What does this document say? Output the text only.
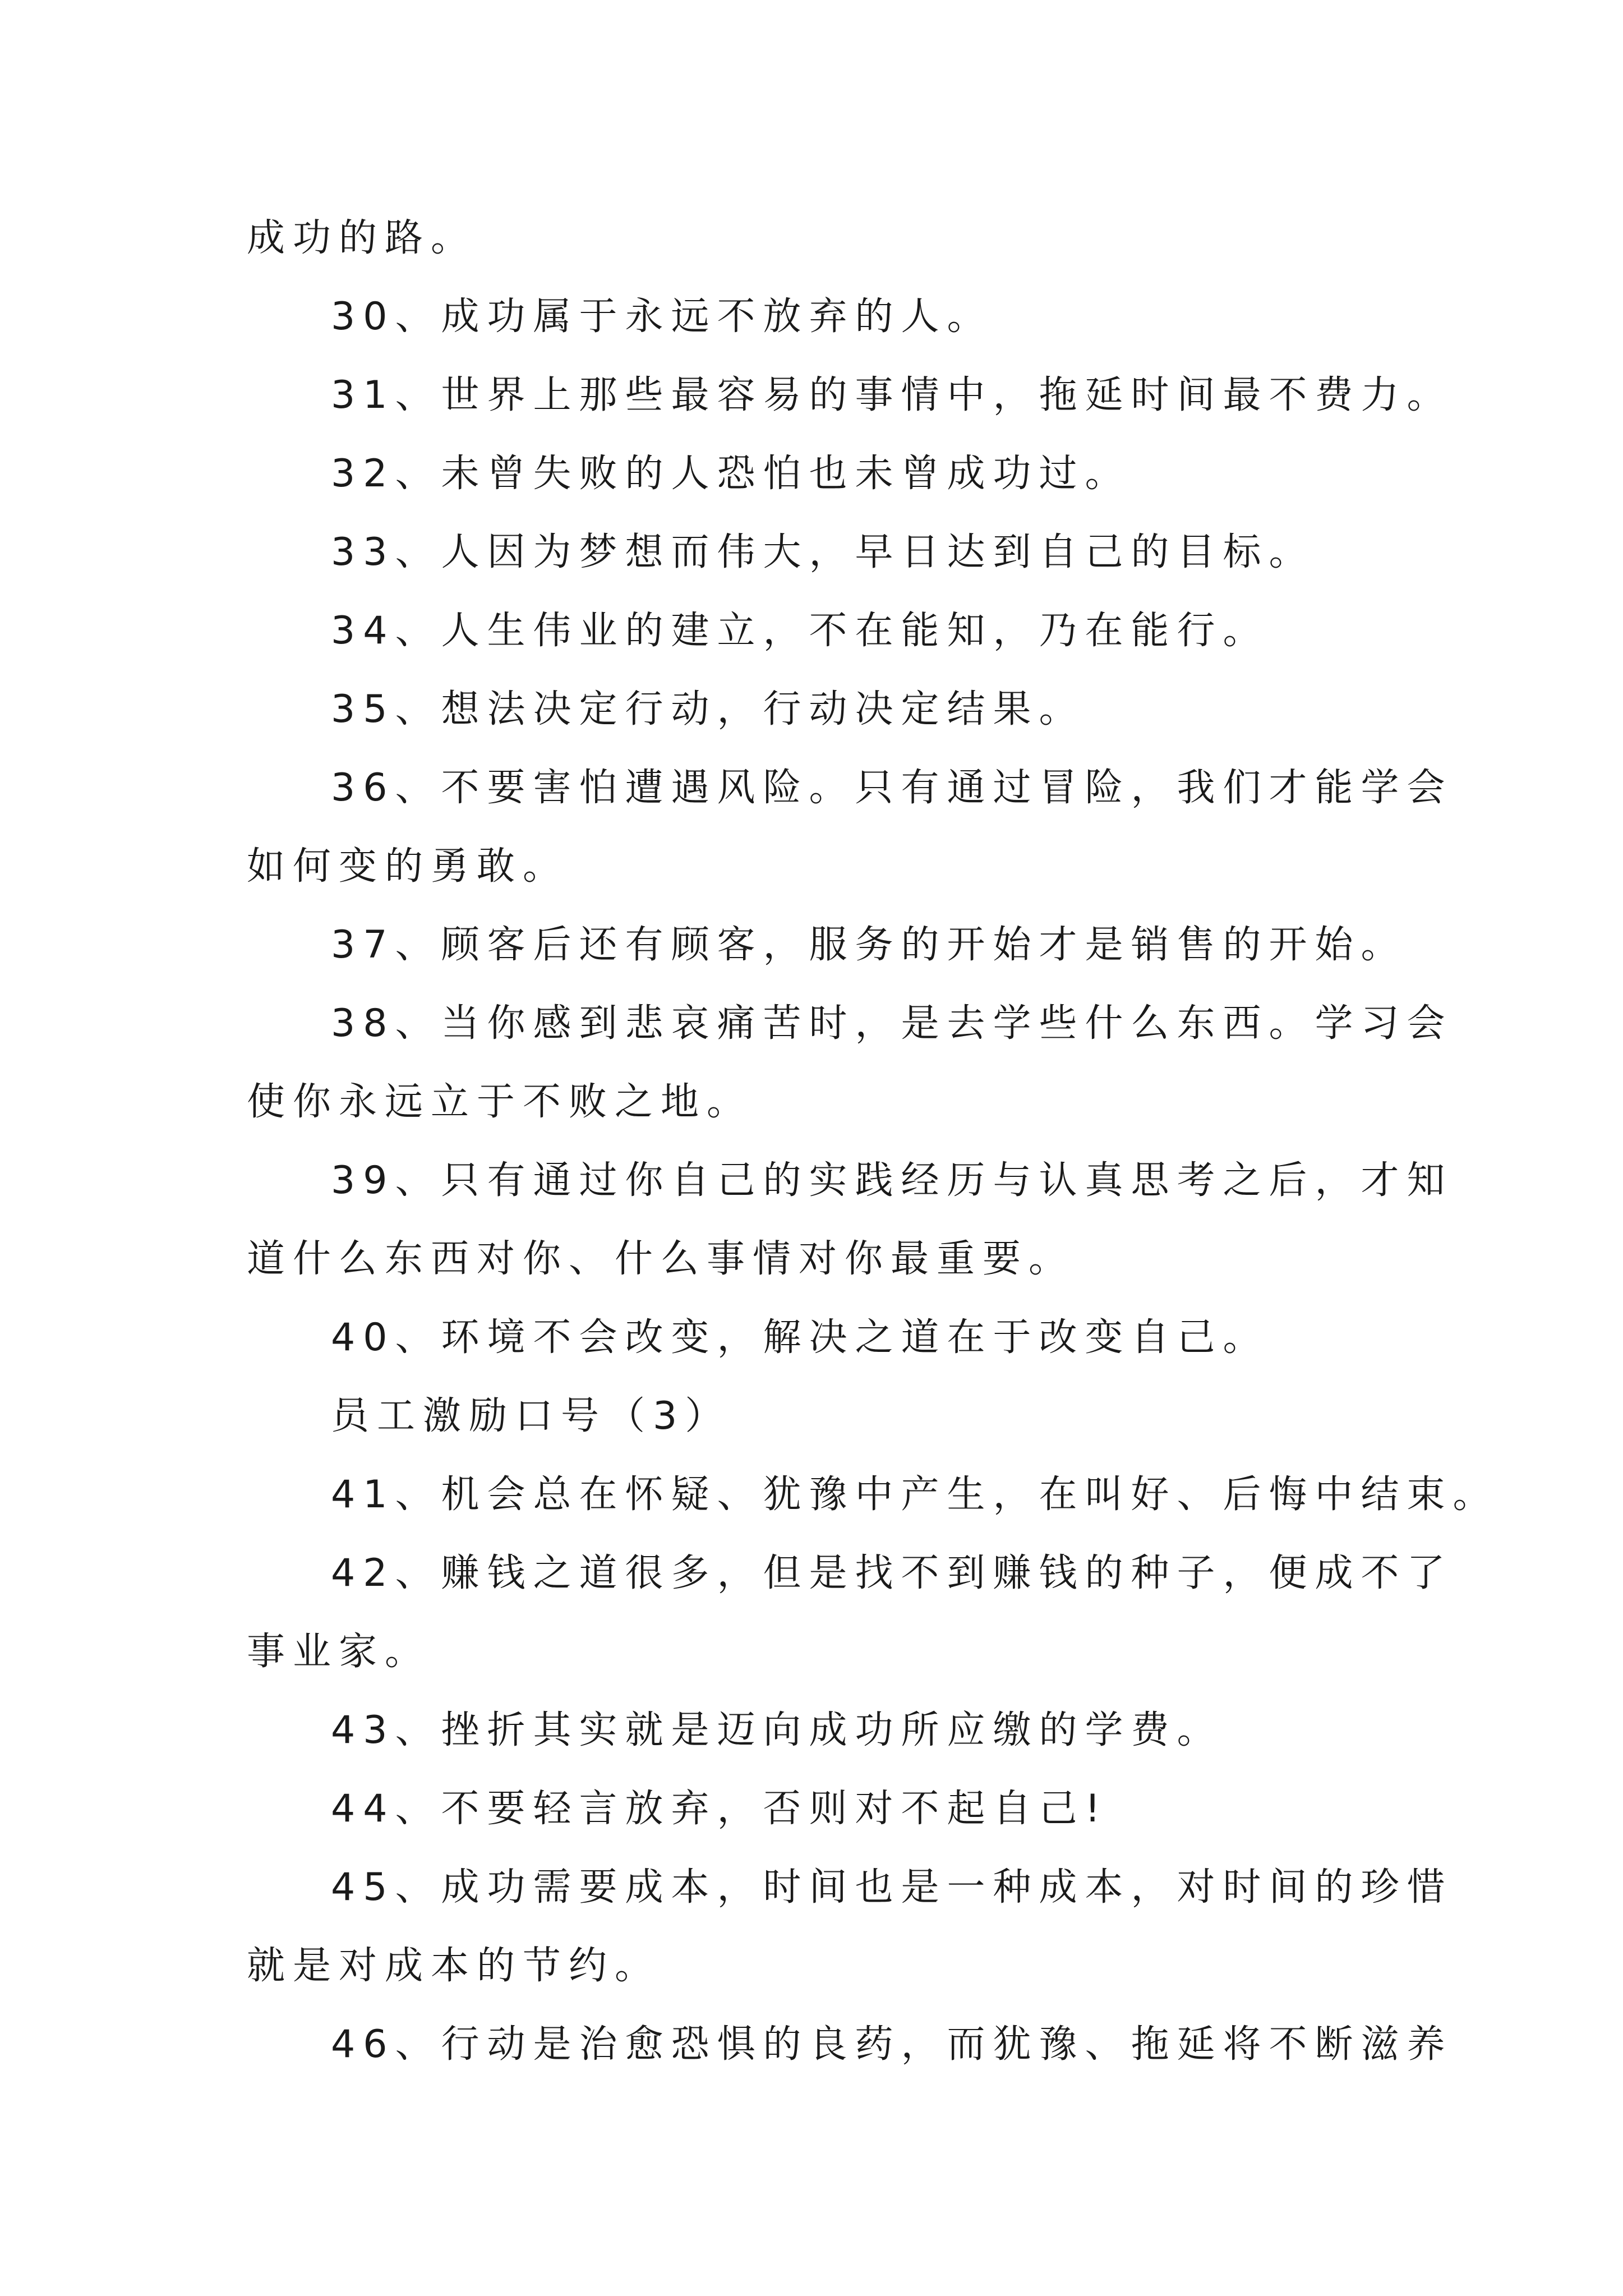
成功的路。
30、成功属于永远不放弃的人。
31、世界上那些最容易的事情中，拖延时间最不费力。
32、未曾失败的人恐怕也未曾成功过。
33、人因为梦想而伟大，早日达到自己的目标。
34、人生伟业的建立，不在能知，乃在能行。
35、想法决定行动，行动决定结果。
36、不要害怕遭遇风险。只有通过冒险，我们才能学会
如何变的勇敢。
37、顾客后还有顾客，服务的开始才是销售的开始。
38、当你感到悲哀痛苦时，是去学些什么东西。学习会
使你永远立于不败之地。
39、只有通过你自己的实践经历与认真思考之后，才知
道什么东西对你、什么事情对你最重要。
40、环境不会改变，解决之道在于改变自己。
员工激励口号（3）
41、机会总在怀疑、犹豫中产生，在叫好、后悔中结束。
42、赚钱之道很多，但是找不到赚钱的种子，便成不了
事业家。
43、挫折其实就是迈向成功所应缴的学费。
44、不要轻言放弃，否则对不起自己!
45、成功需要成本，时间也是一种成本，对时间的珍惜
就是对成本的节约。
46、行动是治愈恐惧的良药，而犹豫、拖延将不断滋养
